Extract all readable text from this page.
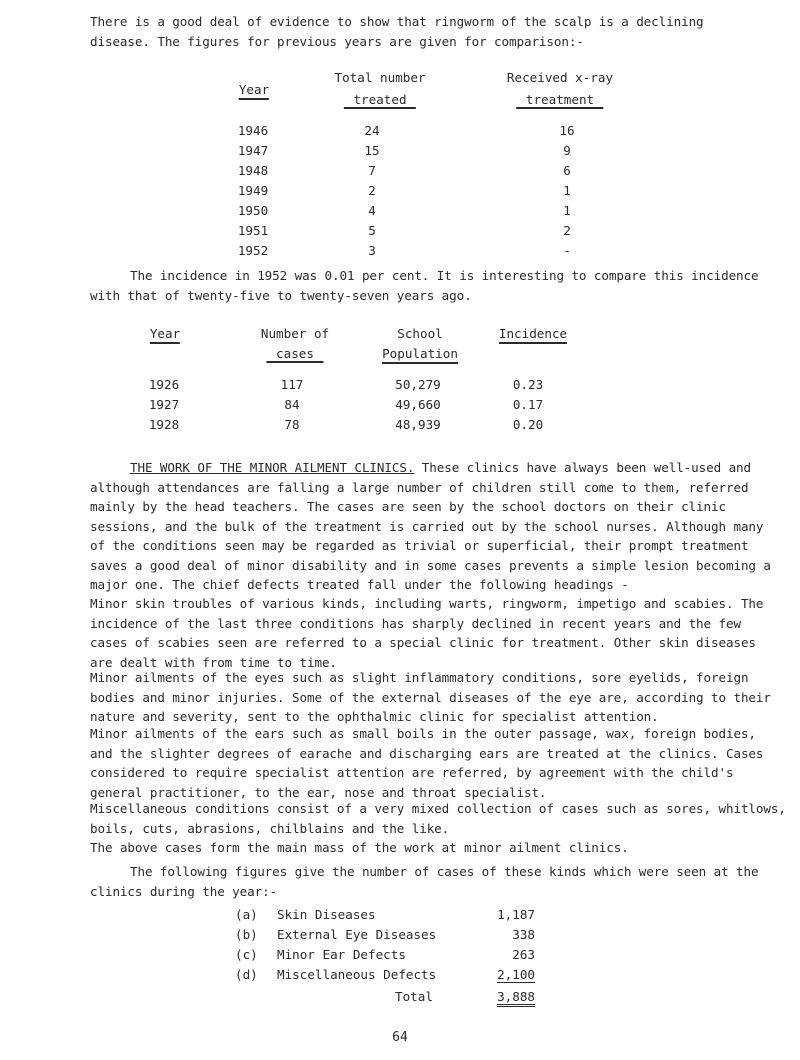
There is a good deal of evidence to show that ringworm of the scalp is a declining
disease. The figures for previous years are given for comparison:-
Year
Total number
treated
Received x-ray
treatment
1946	24	16
1947	15	9
1948	7	6
1949	2	1
1950	4	1
1951	5	2
1952	3	-
The incidence in 1952 was 0.01 per cent. It is interesting to compare this incidence
with that of twenty-five to twenty-seven years ago.
Year	Number of
cases
School
Population
Incidence
1926	117	50,279	0.23
1927	84	49,660	0.17
1928	78	48,939	0.20
THE WORK OF THE MINOR AILMENT CLINICS. These clinics have always been well-used and
although attendances are falling a large number of children still come to them, referred
mainly by the head teachers. The cases are seen by the school doctors on their clinic
sessions, and the bulk of the treatment is carried out by the school nurses. Although many
of the conditions seen may be regarded as trivial or superficial, their prompt treatment
saves a good deal of minor disability and in some cases prevents a simple lesion becoming a
major one. The chief defects treated fall under the following headings -
Minor skin troubles of various kinds, including warts, ringworm, impetigo and scabies. The
incidence of the last three conditions has sharply declined in recent years and the few
cases of scabies seen are referred to a special clinic for treatment. Other skin diseases
are dealt with from time to time.
Minor ailments of the eyes such as slight inflammatory conditions, sore eyelids, foreign
bodies and minor injuries. Some of the external diseases of the eye are, according to their
nature and severity, sent to the ophthalmic clinic for specialist attention.
Minor ailments of the ears such as small boils in the outer passage, wax, foreign bodies,
and the slighter degrees of earache and discharging ears are treated at the clinics. Cases
considered to require specialist attention are referred, by agreement with the child's
general practitioner, to the ear, nose and throat specialist.
Miscellaneous conditions consist of a very mixed collection of cases such as sores, whitlows,
boils, cuts, abrasions, chilblains and the like.
The above cases form the main mass of the work at minor ailment clinics.
The following figures give the number of cases of these kinds which were seen at the
clinics during the year:-
(a) Skin Diseases	1,187
(b) External Eye Diseases	338
(c) Minor Ear Defects	263
(d) Miscellaneous Defects	2,100
Total	3,888
64
